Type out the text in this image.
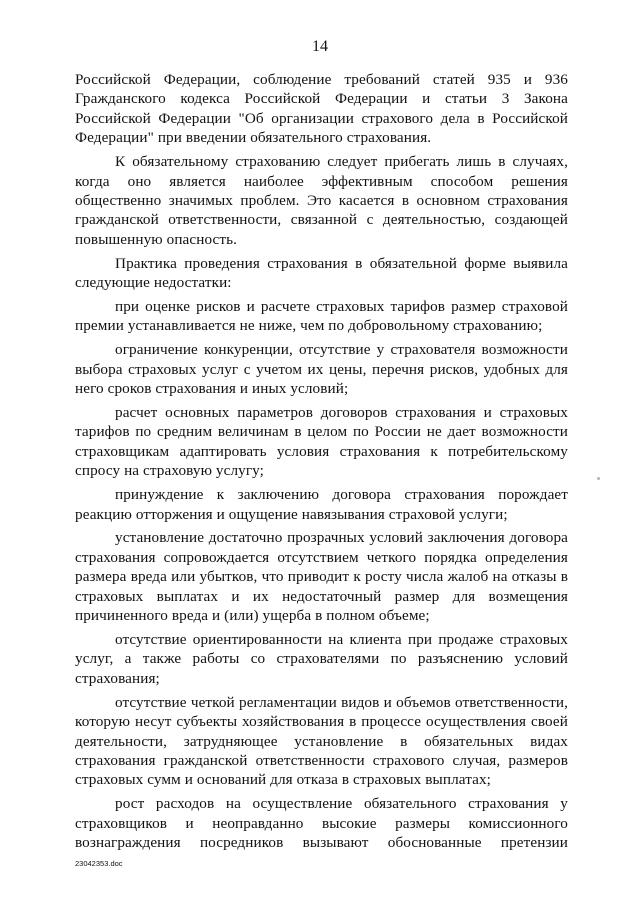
14

Российской Федерации, соблюдение требований статей 935 и 936 Гражданского кодекса Российской Федерации и статьи 3 Закона Российской Федерации "Об организации страхового дела в Российской Федерации" при введении обязательного страхования.

К обязательному страхованию следует прибегать лишь в случаях, когда оно является наиболее эффективным способом решения общественно значимых проблем. Это касается в основном страхования гражданской ответственности, связанной с деятельностью, создающей повышенную опасность.

Практика проведения страхования в обязательной форме выявила следующие недостатки:

при оценке рисков и расчете страховых тарифов размер страховой премии устанавливается не ниже, чем по добровольному страхованию;

ограничение конкуренции, отсутствие у страхователя возможности выбора страховых услуг с учетом их цены, перечня рисков, удобных для него сроков страхования и иных условий;

расчет основных параметров договоров страхования и страховых тарифов по средним величинам в целом по России не дает возможности страховщикам адаптировать условия страхования к потребительскому спросу на страховую услугу;

принуждение к заключению договора страхования порождает реакцию отторжения и ощущение навязывания страховой услуги;

установление достаточно прозрачных условий заключения договора страхования сопровождается отсутствием четкого порядка определения размера вреда или убытков, что приводит к росту числа жалоб на отказы в страховых выплатах и их недостаточный размер для возмещения причиненного вреда и (или) ущерба в полном объеме;

отсутствие ориентированности на клиента при продаже страховых услуг, а также работы со страхователями по разъяснению условий страхования;

отсутствие четкой регламентации видов и объемов ответственности, которую несут субъекты хозяйствования в процессе осуществления своей деятельности, затрудняющее установление в обязательных видах страхования гражданской ответственности страхового случая, размеров страховых сумм и оснований для отказа в страховых выплатах;

рост расходов на осуществление обязательного страхования у страховщиков и неоправданно высокие размеры комиссионного вознаграждения посредников вызывают обоснованные претензии

23042353.doc
